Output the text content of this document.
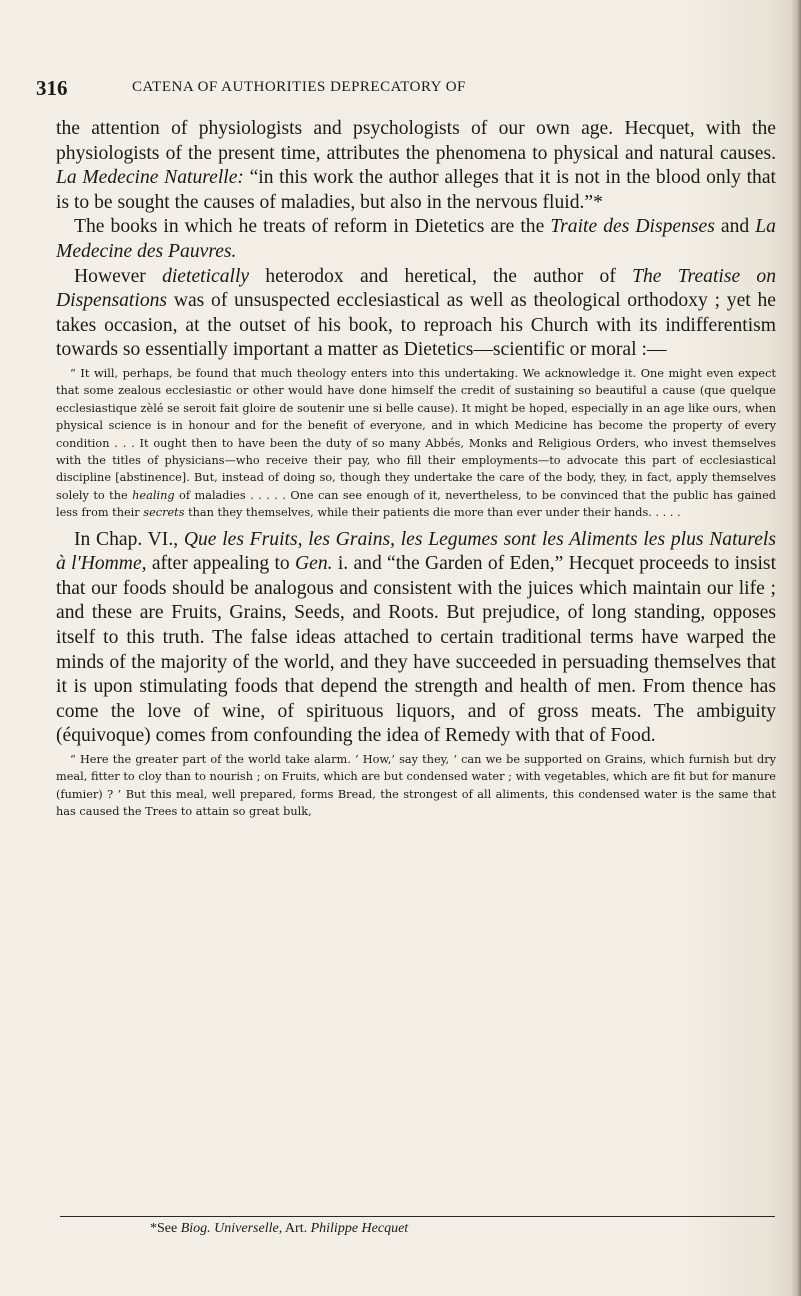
316	CATENA OF AUTHORITIES DEPRECATORY OF

the attention of physiologists and psychologists of our own age. Hecquet, with the physiologists of the present time, attributes the phenomena to physical and natural causes. La Medecine Naturelle: “in this work the author alleges that it is not in the blood only that is to be sought the causes of maladies, but also in the nervous fluid.”*

The books in which he treats of reform in Dietetics are the Traite des Dispenses and La Medecine des Pauvres.

However dietetically heterodox and heretical, the author of The Treatise on Dispensations was of unsuspected ecclesiastical as well as theological orthodoxy ; yet he takes occasion, at the outset of his book, to reproach his Church with its indifferentism towards so essentially important a matter as Dietetics—scientific or moral :—

“ It will, perhaps, be found that much theology enters into this undertaking. We acknowledge it. One might even expect that some zealous ecclesiastic or other would have done himself the credit of sustaining so beautiful a cause (que quelque ecclesiastique zèlé se seroit fait gloire de soutenir une si belle cause). It might be hoped, especially in an age like ours, when physical science is in honour and for the benefit of everyone, and in which Medicine has become the property of every condition . . . It ought then to have been the duty of so many Abbés, Monks and Religious Orders, who invest themselves with the titles of physicians—who receive their pay, who fill their employments—to advocate this part of ecclesiastical discipline [abstinence]. But, instead of doing so, though they undertake the care of the body, they, in fact, apply themselves solely to the healing of maladies . . . . . One can see enough of it, nevertheless, to be convinced that the public has gained less from their secrets than they themselves, while their patients die more than ever under their hands. . . . .

In Chap. VI., Que les Fruits, les Grains, les Legumes sont les Aliments les plus Naturels à l'Homme, after appealing to Gen. i. and “the Garden of Eden,” Hecquet proceeds to insist that our foods should be analogous and consistent with the juices which maintain our life ; and these are Fruits, Grains, Seeds, and Roots. But prejudice, of long standing, opposes itself to this truth. The false ideas attached to certain traditional terms have warped the minds of the majority of the world, and they have succeeded in persuading themselves that it is upon stimulating foods that depend the strength and health of men. From thence has come the love of wine, of spirituous liquors, and of gross meats. The ambiguity (équivoque) comes from confounding the idea of Remedy with that of Food.

“ Here the greater part of the world take alarm. ‘ How,’ say they, ‘ can we be supported on Grains, which furnish but dry meal, fitter to cloy than to nourish ; on Fruits, which are but condensed water ; with vegetables, which are fit but for manure (fumier) ? ’ But this meal, well prepared, forms Bread, the strongest of all aliments, this condensed water is the same that has caused the Trees to attain so great bulk,

*See Biog. Universelle, Art. Philippe Hecquet
